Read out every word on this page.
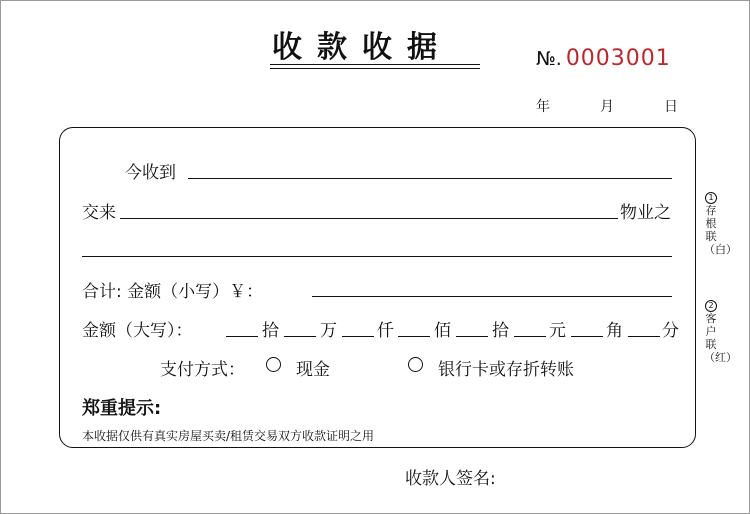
收款收据	№. 0003001
年	月	日
今收到
交来	物业之
合计: 金额（小写）￥：
金额（大写）：	拾 万 仟 佰 拾 元 角 分
支付方式：	现金	银行卡或存折转账
郑重提示:
本收据仅供有真实房屋买卖/租赁交易双方收款证明之用
1存根联（白）
2客户联（红）
收款人签名:
